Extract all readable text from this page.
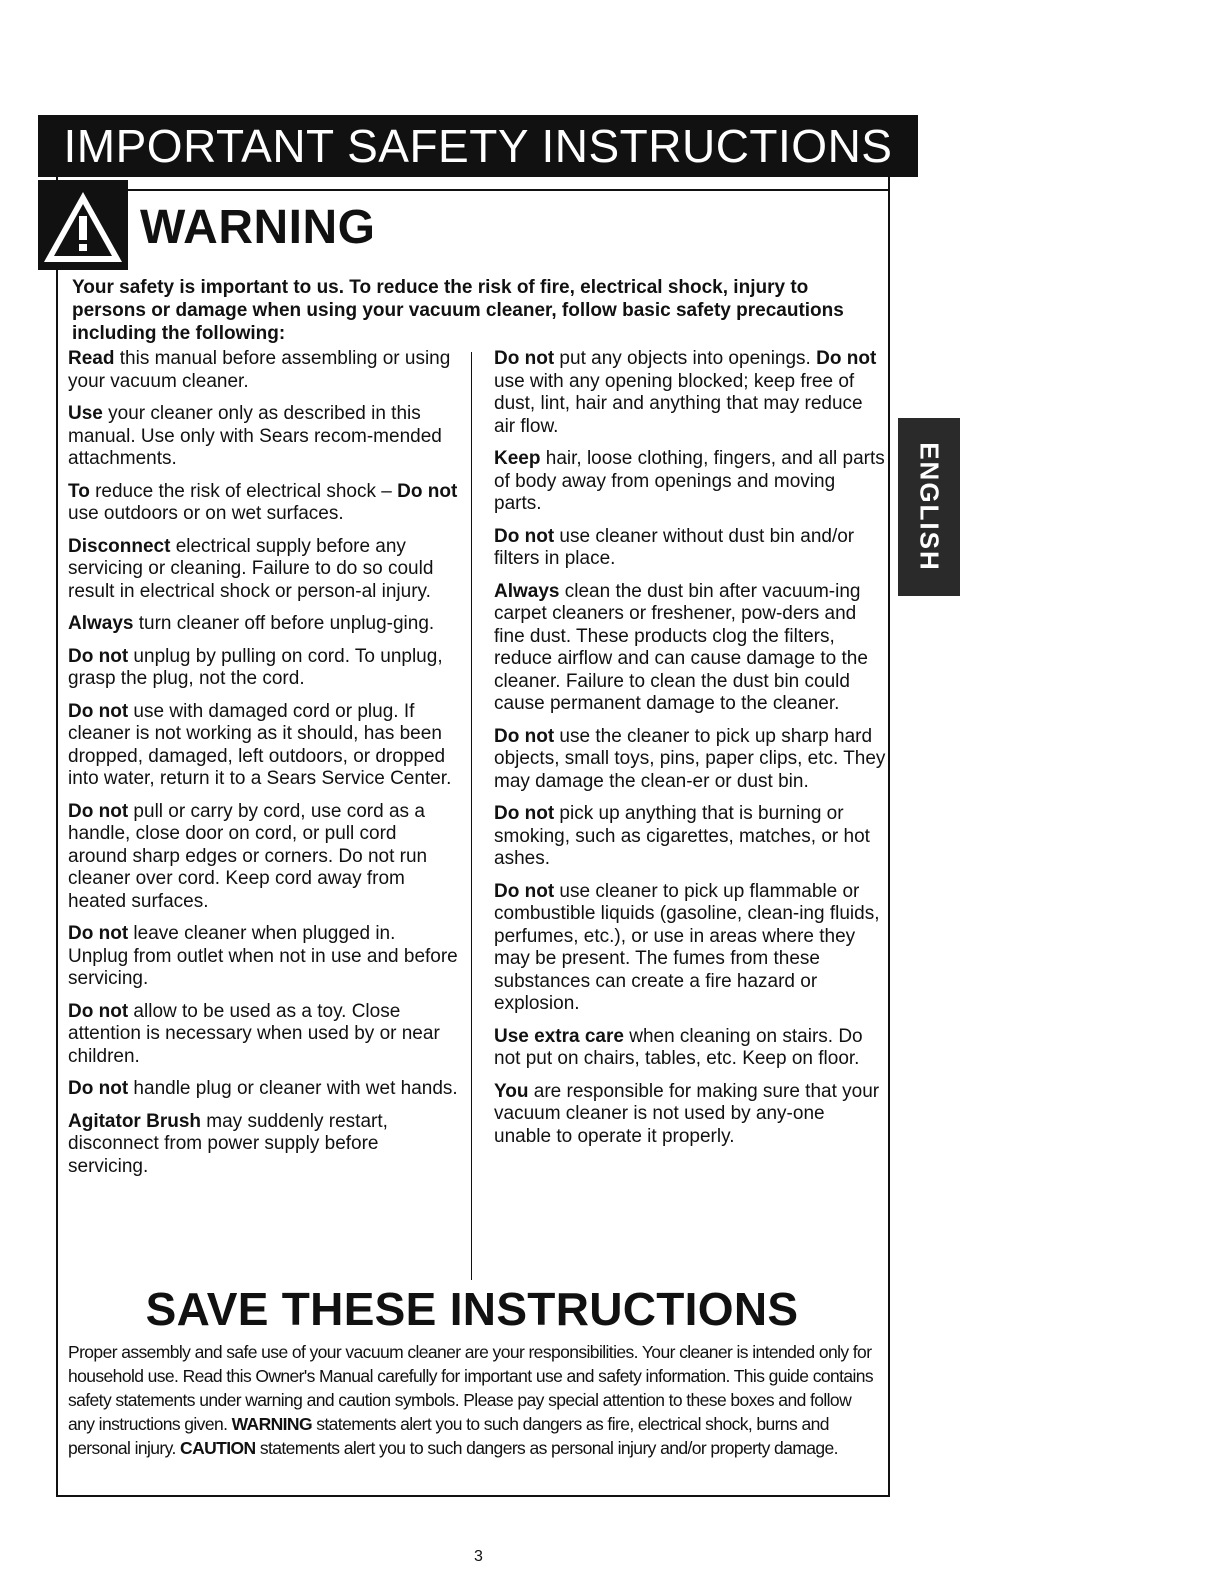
IMPORTANT SAFETY INSTRUCTIONS
WARNING
Your safety is important to us. To reduce the risk of fire, electrical shock, injury to persons or damage when using your vacuum cleaner, follow basic safety precautions including the following:
Read this manual before assembling or using your vacuum cleaner.
Use your cleaner only as described in this manual. Use only with Sears recom-mended attachments.
To reduce the risk of electrical shock – Do not use outdoors or on wet surfaces.
Disconnect electrical supply before any servicing or cleaning. Failure to do so could result in electrical shock or person-al injury.
Always turn cleaner off before unplug-ging.
Do not unplug by pulling on cord. To unplug, grasp the plug, not the cord.
Do not use with damaged cord or plug. If cleaner is not working as it should, has been dropped, damaged, left outdoors, or dropped into water, return it to a Sears Service Center.
Do not pull or carry by cord, use cord as a handle, close door on cord, or pull cord around sharp edges or corners. Do not run cleaner over cord. Keep cord away from heated surfaces.
Do not leave cleaner when plugged in. Unplug from outlet when not in use and before servicing.
Do not allow to be used as a toy. Close attention is necessary when used by or near children.
Do not handle plug or cleaner with wet hands.
Agitator Brush may suddenly restart, disconnect from power supply before servicing.
Do not put any objects into openings. Do not use with any opening blocked; keep free of dust, lint, hair and anything that may reduce air flow.
Keep hair, loose clothing, fingers, and all parts of body away from openings and moving parts.
Do not use cleaner without dust bin and/or filters in place.
Always clean the dust bin after vacuum-ing carpet cleaners or freshener, pow-ders and fine dust. These products clog the filters, reduce airflow and can cause damage to the cleaner. Failure to clean the dust bin could cause permanent damage to the cleaner.
Do not use the cleaner to pick up sharp hard objects, small toys, pins, paper clips, etc. They may damage the clean-er or dust bin.
Do not pick up anything that is burning or smoking, such as cigarettes, matches, or hot ashes.
Do not use cleaner to pick up flammable or combustible liquids (gasoline, clean-ing fluids, perfumes, etc.), or use in areas where they may be present. The fumes from these substances can create a fire hazard or explosion.
Use extra care when cleaning on stairs. Do not put on chairs, tables, etc. Keep on floor.
You are responsible for making sure that your vacuum cleaner is not used by any-one unable to operate it properly.
SAVE THESE INSTRUCTIONS
Proper assembly and safe use of your vacuum cleaner are your responsibilities. Your cleaner is intended only for household use. Read this Owner's Manual carefully for important use and safety information. This guide contains safety statements under warning and caution symbols. Please pay special attention to these boxes and follow any instructions given. WARNING statements alert you to such dangers as fire, electrical shock, burns and personal injury. CAUTION statements alert you to such dangers as personal injury and/or property damage.
ENGLISH
3
